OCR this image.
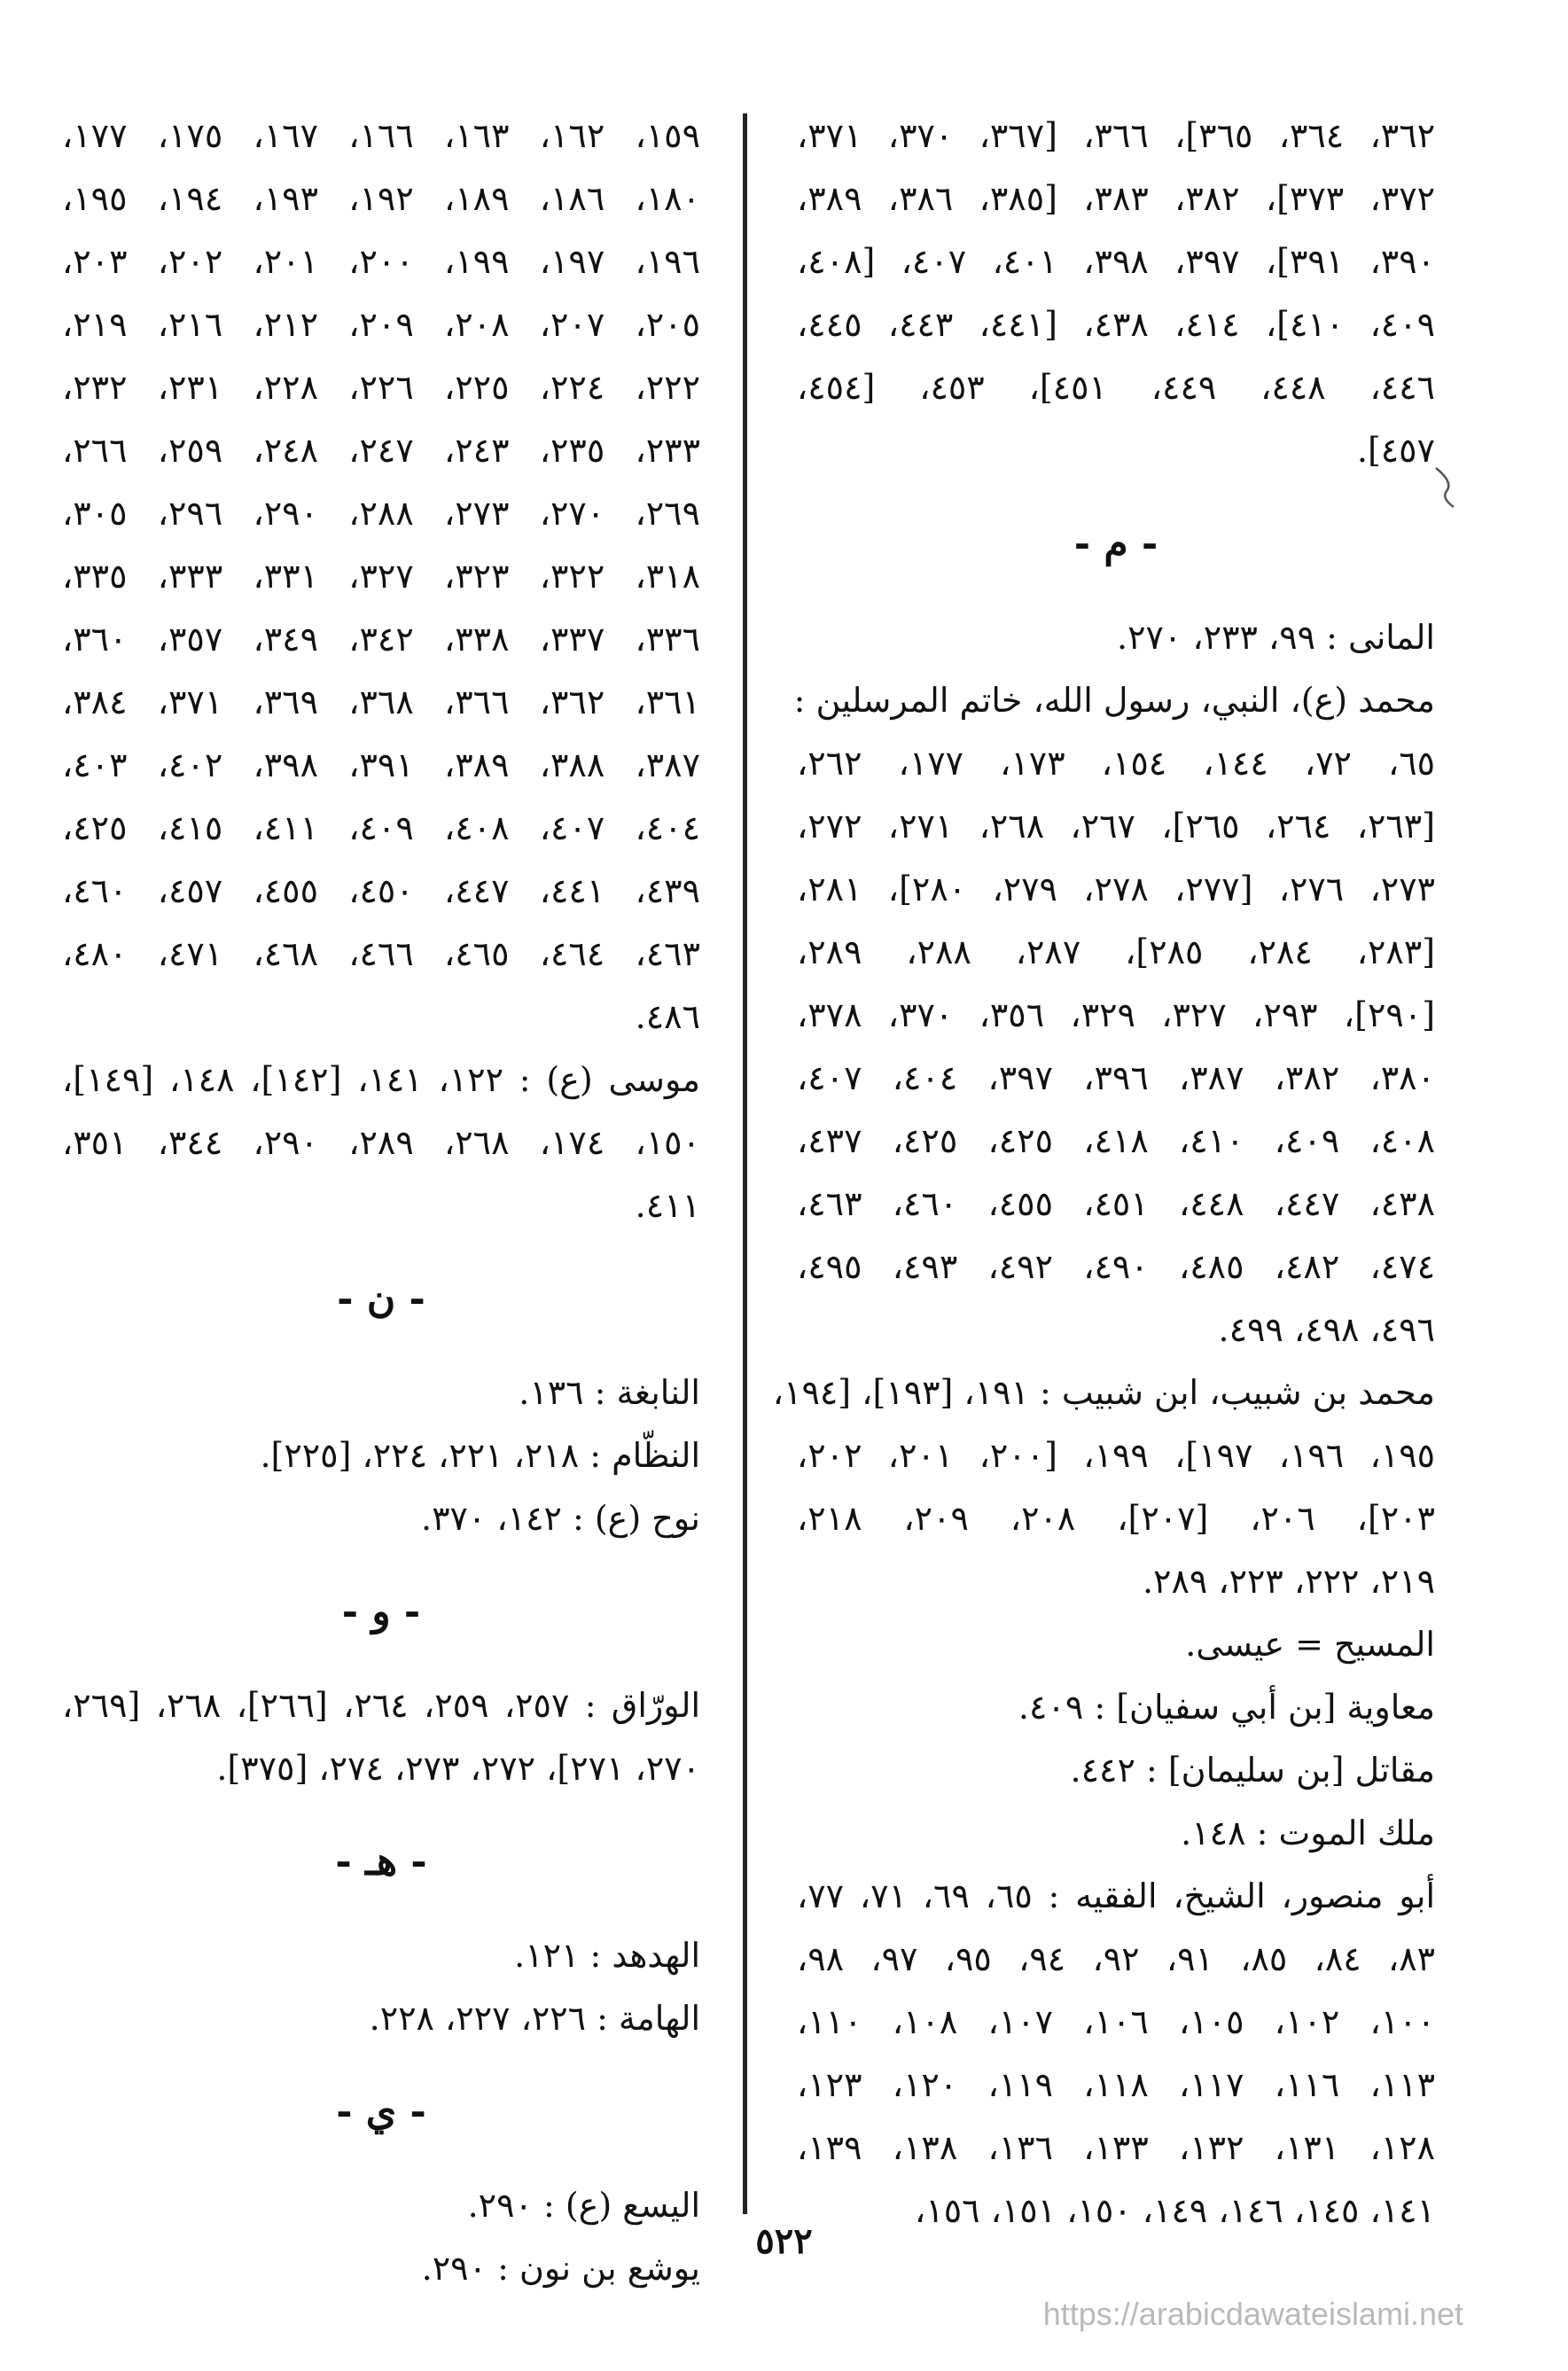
٣٦٢، ٣٦٤، ٣٦٥]، ٣٦٦، [٣٦٧، ٣٧٠، ٣٧١،
٣٧٢، ٣٧٣]، ٣٨٢، ٣٨٣، [٣٨٥، ٣٨٦، ٣٨٩،
٣٩٠، ٣٩١]، ٣٩٧، ٣٩٨، ٤٠١، ٤٠٧، [٤٠٨،
٤٠٩، ٤١٠]، ٤١٤، ٤٣٨، [٤٤١، ٤٤٣، ٤٤٥،
٤٤٦، ٤٤٨، ٤٤٩، ٤٥١]، ٤٥٣، [٤٥٤،
٤٥٧].
- م -
المانى : ٩٩، ٢٣٣، ٢٧٠.
محمد (ع)، النبي، رسول الله، خاتم المرسلين :
٦٥، ٧٢، ١٤٤، ١٥٤، ١٧٣، ١٧٧، ٢٦٢،
[٢٦٣، ٢٦٤، ٢٦٥]، ٢٦٧، ٢٦٨، ٢٧١، ٢٧٢،
٢٧٣، ٢٧٦، [٢٧٧، ٢٧٨، ٢٧٩، ٢٨٠]، ٢٨١،
[٢٨٣، ٢٨٤، ٢٨٥]، ٢٨٧، ٢٨٨، ٢٨٩،
[٢٩٠]، ٢٩٣، ٣٢٧، ٣٢٩، ٣٥٦، ٣٧٠، ٣٧٨،
٣٨٠، ٣٨٢، ٣٨٧، ٣٩٦، ٣٩٧، ٤٠٤، ٤٠٧،
٤٠٨، ٤٠٩، ٤١٠، ٤١٨، ٤٢٥، ٤٢٥، ٤٣٧،
٤٣٨، ٤٤٧، ٤٤٨، ٤٥١، ٤٥٥، ٤٦٠، ٤٦٣،
٤٧٤، ٤٨٢، ٤٨٥، ٤٩٠، ٤٩٢، ٤٩٣، ٤٩٥،
٤٩٦، ٤٩٨، ٤٩٩.
محمد بن شبيب، ابن شبيب : ١٩١، [١٩٣]، [١٩٤،
١٩٥، ١٩٦، ١٩٧]، ١٩٩، [٢٠٠، ٢٠١، ٢٠٢،
٢٠٣]، ٢٠٦، [٢٠٧]، ٢٠٨، ٢٠٩، ٢١٨،
٢١٩، ٢٢٢، ٢٢٣، ٢٨٩.
المسيح = عيسى.
معاوية [بن أبي سفيان] : ٤٠٩.
مقاتل [بن سليمان] : ٤٤٢.
ملك الموت : ١٤٨.
أبو منصور، الشيخ، الفقيه : ٦٥، ٦٩، ٧١، ٧٧،
٨٣، ٨٤، ٨٥، ٩١، ٩٢، ٩٤، ٩٥، ٩٧، ٩٨،
١٠٠، ١٠٢، ١٠٥، ١٠٦، ١٠٧، ١٠٨، ١١٠،
١١٣، ١١٦، ١١٧، ١١٨، ١١٩، ١٢٠، ١٢٣،
١٢٨، ١٣١، ١٣٢، ١٣٣، ١٣٦، ١٣٨، ١٣٩،
١٤١، ١٤٥، ١٤٦، ١٤٩، ١٥٠، ١٥١، ١٥٦،
١٥٩، ١٦٢، ١٦٣، ١٦٦، ١٦٧، ١٧٥، ١٧٧،
١٨٠، ١٨٦، ١٨٩، ١٩٢، ١٩٣، ١٩٤، ١٩٥،
١٩٦، ١٩٧، ١٩٩، ٢٠٠، ٢٠١، ٢٠٢، ٢٠٣،
٢٠٥، ٢٠٧، ٢٠٨، ٢٠٩، ٢١٢، ٢١٦، ٢١٩،
٢٢٢، ٢٢٤، ٢٢٥، ٢٢٦، ٢٢٨، ٢٣١، ٢٣٢،
٢٣٣، ٢٣٥، ٢٤٣، ٢٤٧، ٢٤٨، ٢٥٩، ٢٦٦،
٢٦٩، ٢٧٠، ٢٧٣، ٢٨٨، ٢٩٠، ٢٩٦، ٣٠٥،
٣١٨، ٣٢٢، ٣٢٣، ٣٢٧، ٣٣١، ٣٣٣، ٣٣٥،
٣٣٦، ٣٣٧، ٣٣٨، ٣٤٢، ٣٤٩، ٣٥٧، ٣٦٠،
٣٦١، ٣٦٢، ٣٦٦، ٣٦٨، ٣٦٩، ٣٧١، ٣٨٤،
٣٨٧، ٣٨٨، ٣٨٩، ٣٩١، ٣٩٨، ٤٠٢، ٤٠٣،
٤٠٤، ٤٠٧، ٤٠٨، ٤٠٩، ٤١١، ٤١٥، ٤٢٥،
٤٣٩، ٤٤١، ٤٤٧، ٤٥٠، ٤٥٥، ٤٥٧، ٤٦٠،
٤٦٣، ٤٦٤، ٤٦٥، ٤٦٦، ٤٦٨، ٤٧١، ٤٨٠،
٤٨٦.
موسى (ع) : ١٢٢، ١٤١، [١٤٢]، ١٤٨، [١٤٩]،
١٥٠، ١٧٤، ٢٦٨، ٢٨٩، ٢٩٠، ٣٤٤، ٣٥١،
٤١١.
- ن -
النابغة : ١٣٦.
النظّام : ٢١٨، ٢٢١، ٢٢٤، [٢٢٥].
نوح (ع) : ١٤٢، ٣٧٠.
- و -
الورّاق : ٢٥٧، ٢٥٩، ٢٦٤، [٢٦٦]، ٢٦٨، [٢٦٩،
٢٧٠، ٢٧١]، ٢٧٢، ٢٧٣، ٢٧٤، [٣٧٥].
- هـ -
الهدهد : ١٢١.
الهامة : ٢٢٦، ٢٢٧، ٢٢٨.
- ي -
اليسع (ع) : ٢٩٠.
يوشع بن نون : ٢٩٠.
٥٢٢
https://arabicdawateislami.net
